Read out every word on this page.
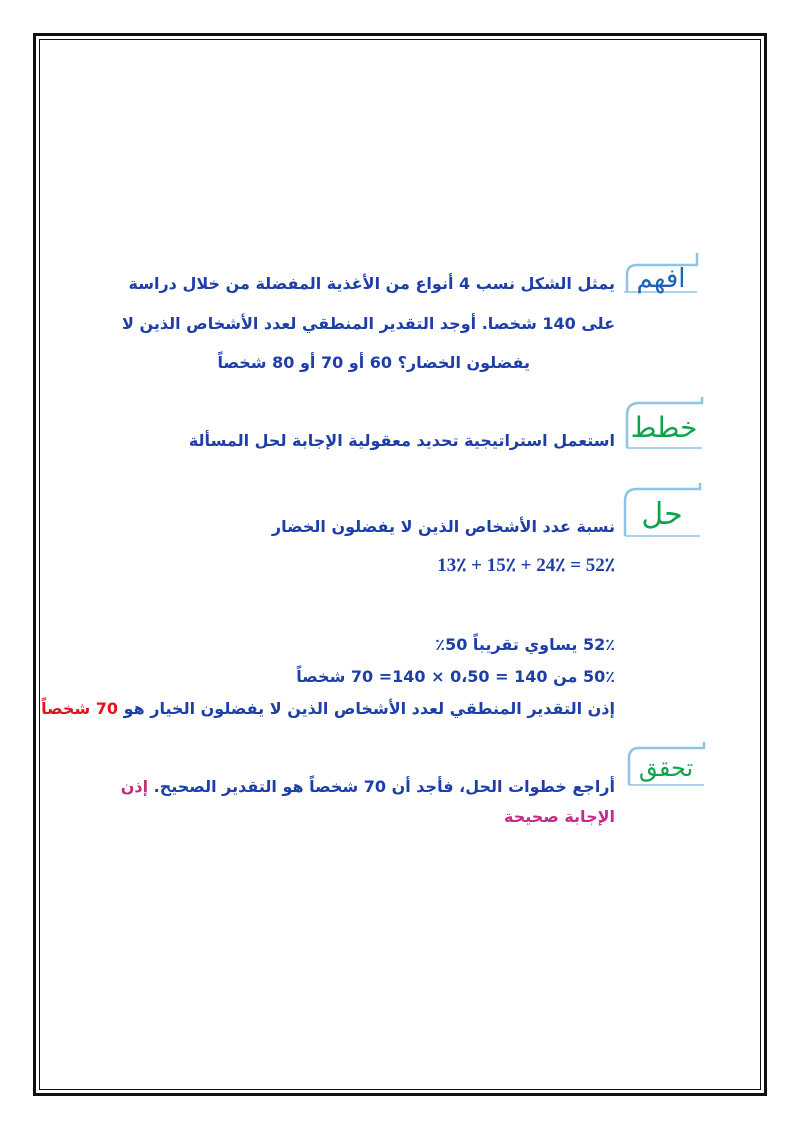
افهم
يمثل الشكل نسب 4 أنواع من الأغذية المفضلة من خلال دراسة
على 140 شخصا. أوجد التقدير المنطقي لعدد الأشخاص الذين لا
يفضلون الخضار؟ 60 أو 70 أو 80 شخصاً
خطط
استعمل استراتيجية تحديد معقولية الإجابة لحل المسألة
حل
نسبة عدد الأشخاص الذين لا يفضلون الخضار
13٪ + 15٪ + 24٪ = 52٪
52٪ يساوي تقريباً 50٪
50٪ من 140 = 0،50 × 140= 70 شخصاً
إذن التقدير المنطقي لعدد الأشخاص الذين لا يفضلون الخيار هو 70 شخصاً
تحقق
أراجع خطوات الحل، فأجد أن 70 شخصاً هو التقدير الصحيح. إذن
الإجابة صحيحة
